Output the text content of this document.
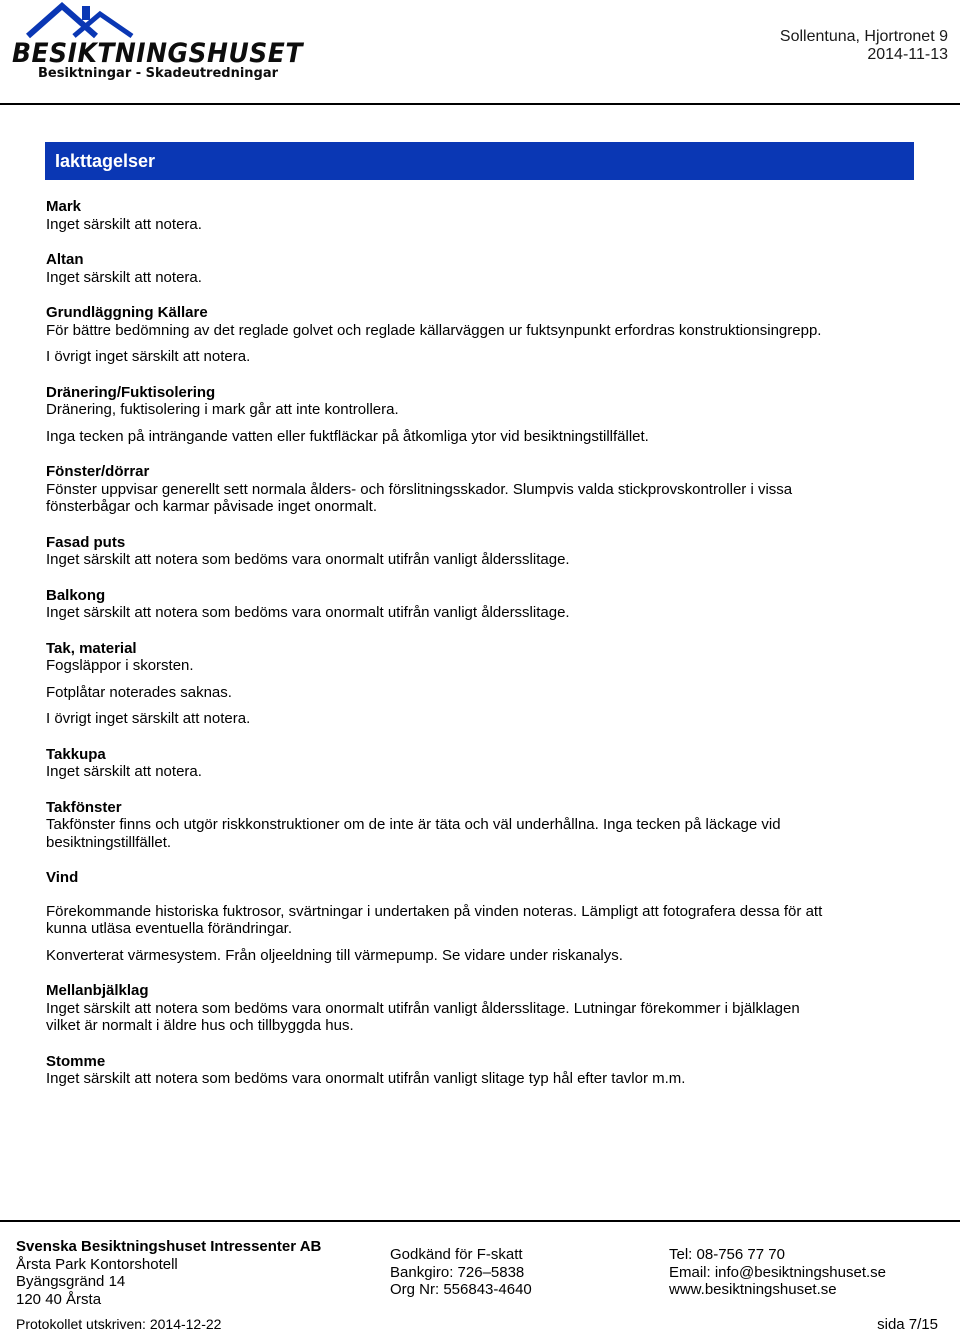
BESIKTNINGSHUSET
Besiktningar - Skadeutredningar
Sollentuna, Hjortronet 9
2014-11-13
Iakttagelser
Mark
Inget särskilt att notera.
Altan
Inget särskilt att notera.
Grundläggning Källare
För bättre bedömning av det reglade golvet och reglade källarväggen ur fuktsynpunkt erfordras konstruktionsingrepp.
I övrigt inget särskilt att notera.
Dränering/Fuktisolering
Dränering, fuktisolering i mark går att inte kontrollera.
Inga tecken på inträngande vatten eller fuktfläckar på åtkomliga ytor vid besiktningstillfället.
Fönster/dörrar
Fönster uppvisar generellt sett normala ålders- och förslitningsskador. Slumpvis valda stickprovskontroller i vissa fönsterbågar och karmar påvisade inget onormalt.
Fasad puts
Inget särskilt att notera som bedöms vara onormalt utifrån vanligt åldersslitage.
Balkong
Inget särskilt att notera som bedöms vara onormalt utifrån vanligt åldersslitage.
Tak, material
Fogsläppor i skorsten.
Fotplåtar noterades saknas.
I övrigt inget särskilt att notera.
Takkupa
Inget särskilt att notera.
Takfönster
Takfönster finns och utgör riskkonstruktioner om de inte är täta och väl underhållna. Inga tecken på läckage vid besiktningstillfället.
Vind
Förekommande historiska fuktrosor, svärtningar i undertaken på vinden noteras. Lämpligt att fotografera dessa för att kunna utläsa eventuella förändringar.
Konverterat värmesystem. Från oljeeldning till värmepump. Se vidare under riskanalys.
Mellanbjälklag
Inget särskilt att notera som bedöms vara onormalt utifrån vanligt åldersslitage. Lutningar förekommer i bjälklagen vilket är normalt i äldre hus och tillbyggda hus.
Stomme
Inget särskilt att notera som bedöms vara onormalt utifrån vanligt slitage typ hål efter tavlor m.m.
Svenska Besiktningshuset Intressenter AB
Årsta Park Kontorshotell
Byängsgränd 14
120 40 Årsta
Godkänd för F-skatt
Bankgiro: 726–5838
Org Nr: 556843-4640
Tel: 08-756 77 70
Email: info@besiktningshuset.se
www.besiktningshuset.se
Protokollet utskriven: 2014-12-22	sida 7/15
